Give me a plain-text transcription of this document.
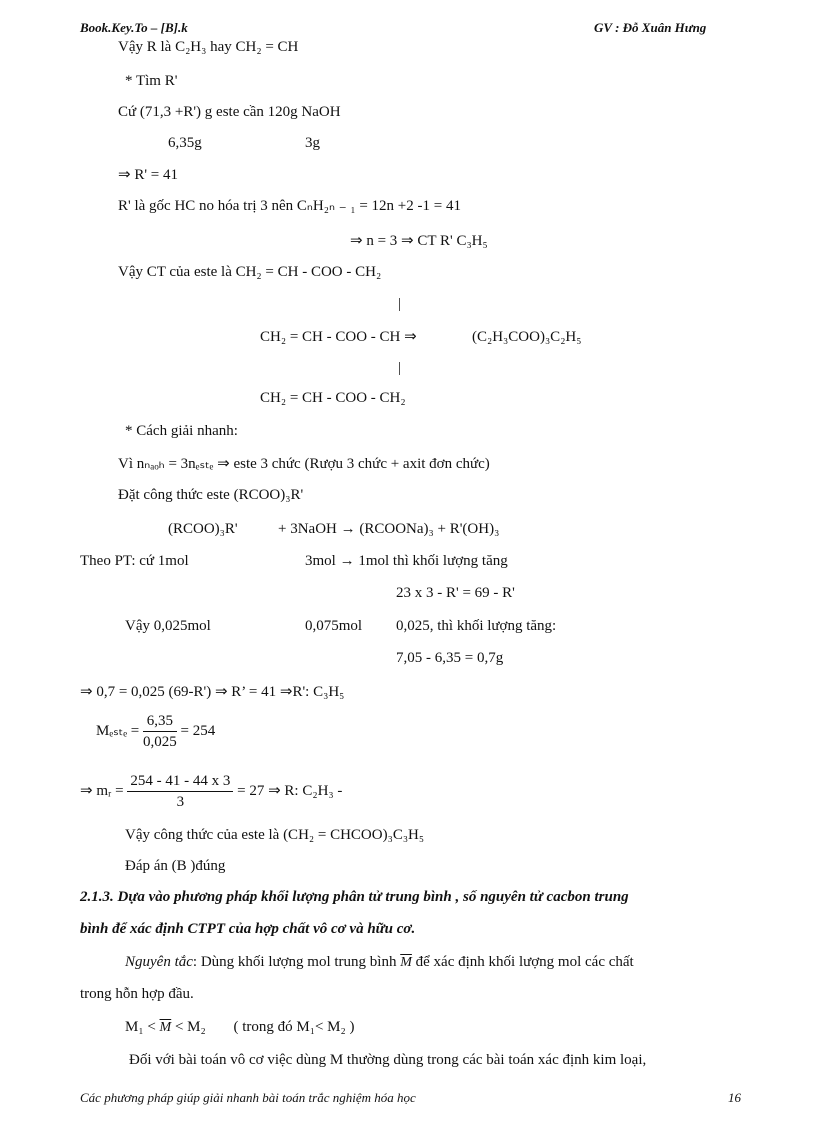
Book.Key.To – [B].k	GV : Đỗ Xuân Hưng
Vậy R là C₂H₃ hay CH₂ = CH
* Tìm R'
Cứ (71,3 +R') g este cần 120g NaOH
6,35g	3g
⇒ R' = 41
R' là gốc HC no hóa trị 3 nên CₙH₂ₙ ₋ ₁ = 12n +2 -1 = 41
⇒ n = 3 ⇒ CT R' C₃H₅
Vậy CT của este là CH₂ = CH - COO - CH₂
|
CH₂ = CH - COO - CH ⇒	(C₂H₃COO)₃C₂H₅
|
CH₂ = CH - COO - CH₂
* Cách giải nhanh:
Vì nₙₐₒₕ = 3nₑₛₜₑ ⇒ este 3 chức (Rượu 3 chức + axit đơn chức)
Đặt công thức este (RCOO)₃R'
(RCOO)₃R'	+ 3NaOH → (RCOONa)₃ + R'(OH)₃
Theo PT: cứ 1mol	3mol → 1mol thì khối lượng tăng
23 x 3 - R' = 69 - R'
Vậy 0,025mol	0,075mol 0,025, thì khối lượng tăng:
7,05 - 6,35 = 0,7g
⇒ 0,7 = 0,025 (69-R') ⇒ R’ = 41 ⇒R': C₃H₅
$M_{este} = \frac{6,35}{0,025} = 254$
⇒ mᵣ = $\frac{254 - 41 - 44 x 3}{3} = 27$ ⇒ R: C₂H₃ -
Vậy công thức của este là (CH₂ = CHCOO)₃C₃H₅
Đáp án (B )đúng
2.1.3. Dựa vào phương pháp khối lượng phân tử trung bình , số nguyên tử cacbon trung
bình để xác định CTPT của hợp chất vô cơ và hữu cơ.
Nguyên tắc: Dùng khối lượng mol trung bình $\overline{M}$ để xác định khối lượng mol các chất
trong hỗn hợp đầu.
$M_1 < \overline{M} < M_2$ ( trong đó M₁< M₂ )
Đối với bài toán vô cơ việc dùng M thường dùng trong các bài toán xác định kim loại,
Các phương pháp giúp giải nhanh bài toán trắc nghiệm hóa học	16
